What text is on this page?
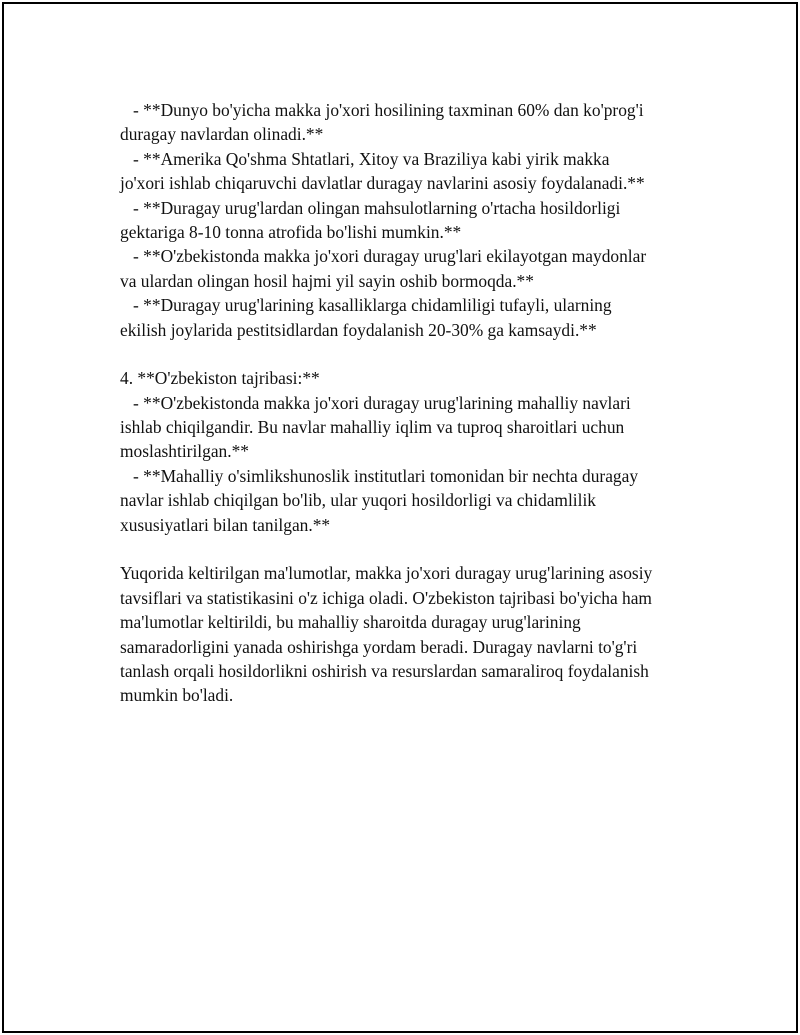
- **Dunyo bo'yicha makka jo'xori hosilining taxminan 60% dan ko'prog'i
duragay navlardan olinadi.**
- **Amerika Qo'shma Shtatlari, Xitoy va Braziliya kabi yirik makka
jo'xori ishlab chiqaruvchi davlatlar duragay navlarini asosiy foydalanadi.**
- **Duragay urug'lardan olingan mahsulotlarning o'rtacha hosildorligi
gektariga 8-10 tonna atrofida bo'lishi mumkin.**
- **O'zbekistonda makka jo'xori duragay urug'lari ekilayotgan maydonlar
va ulardan olingan hosil hajmi yil sayin oshib bormoqda.**
- **Duragay urug'larining kasalliklarga chidamliligi tufayli, ularning
ekilish joylarida pestitsidlardan foydalanish 20-30% ga kamsaydi.**
4. **O'zbekiston tajribasi:**
- **O'zbekistonda makka jo'xori duragay urug'larining mahalliy navlari
ishlab chiqilgandir. Bu navlar mahalliy iqlim va tuproq sharoitlari uchun
moslashtirilgan.**
- **Mahalliy o'simlikshunoslik institutlari tomonidan bir nechta duragay
navlar ishlab chiqilgan bo'lib, ular yuqori hosildorligi va chidamlilik
xususiyatlari bilan tanilgan.**
Yuqorida keltirilgan ma'lumotlar, makka jo'xori duragay urug'larining asosiy
tavsiflari va statistikasini o'z ichiga oladi. O'zbekiston tajribasi bo'yicha ham
ma'lumotlar keltirildi, bu mahalliy sharoitda duragay urug'larining
samaradorligini yanada oshirishga yordam beradi. Duragay navlarni to'g'ri
tanlash orqali hosildorlikni oshirish va resurslardan samaraliroq foydalanish
mumkin bo'ladi.
